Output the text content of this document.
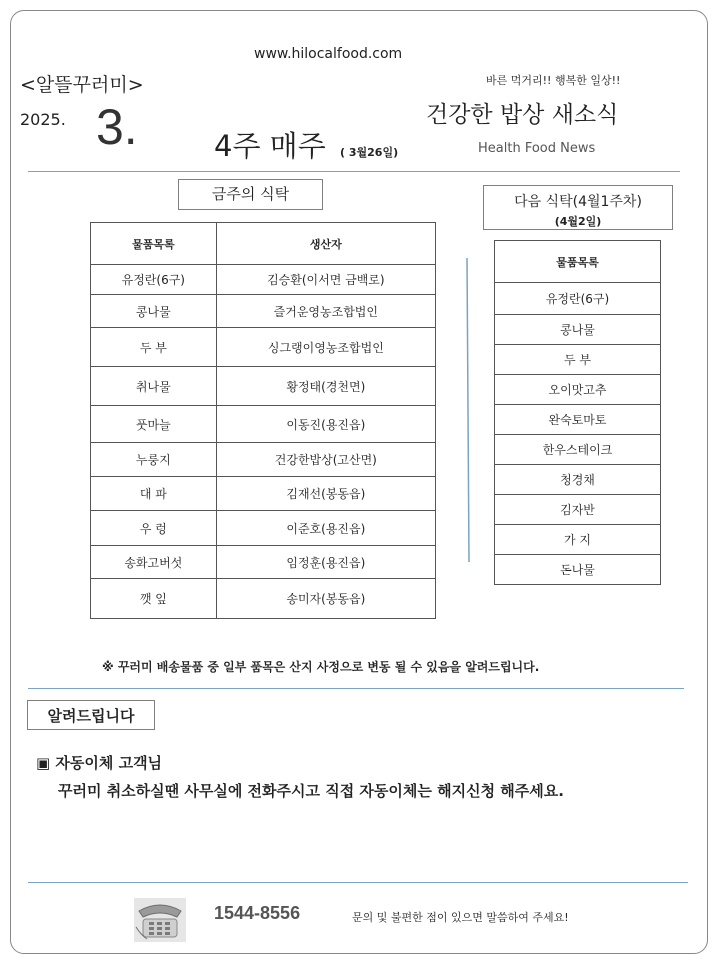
www.hilocalfood.com
<알뜰꾸러미>
2025. 3.
바른 먹거리!! 행복한 일상!!
건강한 밥상 새소식
4주 매주 ( 3월26일)	Health Food News
금주의 식탁
물품목록	생산자
유정란(6구)	김승환(이서면 금백로)
콩나물	즐거운영농조합법인
두 부	싱그랭이영농조합법인
취나물	황정태(경천면)
풋마늘	이동진(용진읍)
누룽지	건강한밥상(고산면)
대 파	김재선(봉동읍)
우 렁	이준호(용진읍)
송화고버섯	임정훈(용진읍)
깻 잎	송미자(봉동읍)
다음 식탁(4월1주차)
(4월2일)
물품목록
유정란(6구)
콩나물
두 부
오이맛고추
완숙토마토
한우스테이크
청경채
김자반
가 지
돈나물
※ 꾸러미 배송물품 중 일부 품목은 산지 사정으로 변동 될 수 있음을 알려드립니다.
알려드립니다
▣ 자동이체 고객님
꾸러미 취소하실땐 사무실에 전화주시고 직접 자동이체는 해지신청 해주세요.
1544-8556	문의 및 불편한 점이 있으면 말씀하여 주세요!
